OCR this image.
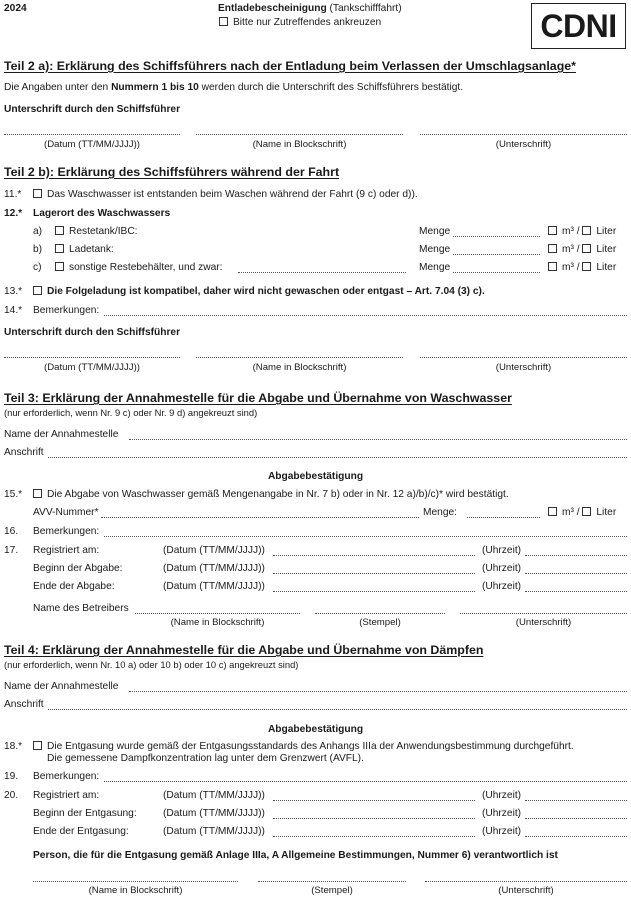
2024	Entladebescheinigung (Tankschifffahrt)
Bitte nur Zutreffendes ankreuzen	CDNI
Teil 2 a): Erklärung des Schiffsführers nach der Entladung beim Verlassen der Umschlagsanlage*
Die Angaben unter den Nummern 1 bis 10 werden durch die Unterschrift des Schiffsführers bestätigt.
Unterschrift durch den Schiffsführer
(Datum (TT/MM/JJJJ))	(Name in Blockschrift)	(Unterschrift)
Teil 2 b): Erklärung des Schiffsführers während der Fahrt
11.*	Das Waschwasser ist entstanden beim Waschen während der Fahrt (9 c) oder d)).
12.* Lagerort des Waschwassers
a)	Restetank/IBC:	Menge	m³ / Liter
b)	Ladetank:	Menge	m³ / Liter
c)	sonstige Restebehälter, und zwar:	Menge	m³ / Liter
13.*	Die Folgeladung ist kompatibel, daher wird nicht gewaschen oder entgast – Art. 7.04 (3) c).
14.* Bemerkungen:
Unterschrift durch den Schiffsführer
(Datum (TT/MM/JJJJ))	(Name in Blockschrift)	(Unterschrift)
Teil 3: Erklärung der Annahmestelle für die Abgabe und Übernahme von Waschwasser
(nur erforderlich, wenn Nr. 9 c) oder Nr. 9 d) angekreuzt sind)
Name der Annahmestelle
Anschrift
Abgabebestätigung
15.*	Die Abgabe von Waschwasser gemäß Mengenangabe in Nr. 7 b) oder in Nr. 12 a)/b)/c)* wird bestätigt.
AVV-Nummer*	Menge:	m³ / Liter
16. Bemerkungen:
17. Registriert am:	(Datum (TT/MM/JJJJ))	(Uhrzeit)
Beginn der Abgabe:	(Datum (TT/MM/JJJJ))	(Uhrzeit)
Ende der Abgabe:	(Datum (TT/MM/JJJJ))	(Uhrzeit)
Name des Betreibers
(Name in Blockschrift)	(Stempel)	(Unterschrift)
Teil 4: Erklärung der Annahmestelle für die Abgabe und Übernahme von Dämpfen
(nur erforderlich, wenn Nr. 10 a) oder 10 b) oder 10 c) angekreuzt sind)
Name der Annahmestelle
Anschrift
Abgabebestätigung
18.*	Die Entgasung wurde gemäß der Entgasungsstandards des Anhangs IIIa der Anwendungsbestimmung durchgeführt.
Die gemessene Dampfkonzentration lag unter dem Grenzwert (AVFL).
19. Bemerkungen:
20. Registriert am:	(Datum (TT/MM/JJJJ))	(Uhrzeit)
Beginn der Entgasung:	(Datum (TT/MM/JJJJ))	(Uhrzeit)
Ende der Entgasung:	(Datum (TT/MM/JJJJ))	(Uhrzeit)
Person, die für die Entgasung gemäß Anlage IIIa, A Allgemeine Bestimmungen, Nummer 6) verantwortlich ist
(Name in Blockschrift)	(Stempel)	(Unterschrift)
